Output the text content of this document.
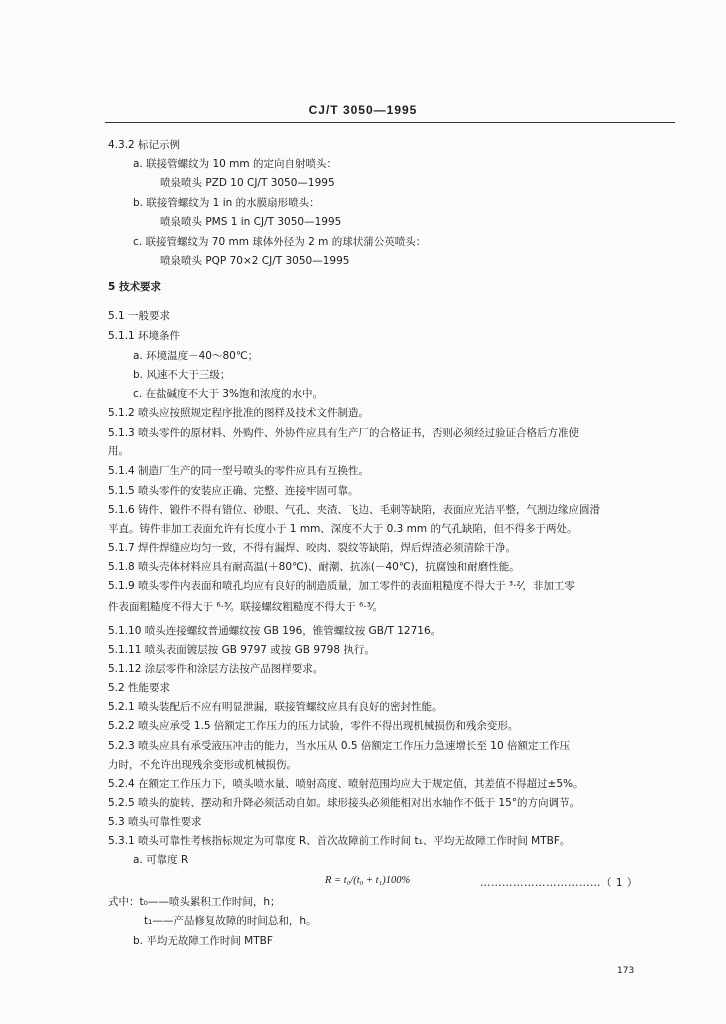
CJ/T 3050—1995
4.3.2 标记示例
a. 联接管螺纹为 10 mm 的定向自射喷头：
喷泉喷头 PZD 10 CJ/T 3050—1995
b. 联接管螺纹为 1 in 的水膜扇形喷头：
喷泉喷头 PMS 1 in CJ/T 3050—1995
c. 联接管螺纹为 70 mm 球体外径为 2 m 的球状蒲公英喷头：
喷泉喷头 PQP 70×2 CJ/T 3050—1995
5 技术要求
5.1 一般要求
5.1.1 环境条件
a. 环境温度－40～80℃；
b. 风速不大于三级；
c. 在盐碱度不大于 3%饱和浓度的水中。
5.1.2 喷头应按照规定程序批准的图样及技术文件制造。
5.1.3 喷头零件的原材料、外购件、外协件应具有生产厂的合格证书，否则必须经过验证合格后方准使
用。
5.1.4 制造厂生产的同一型号喷头的零件应具有互换性。
5.1.5 喷头零件的安装应正确、完整、连接牢固可靠。
5.1.6 铸件、锻件不得有错位、砂眼、气孔、夹渣、飞边、毛刺等缺陷，表面应光洁平整，气割边缘应圆滑
平直。铸件非加工表面允许有长度小于 1 mm、深度不大于 0.3 mm 的气孔缺陷，但不得多于两处。
5.1.7 焊件焊缝应均匀一致，不得有漏焊、咬肉、裂纹等缺陷，焊后焊渣必须清除干净。
5.1.8 喷头壳体材料应具有耐高温(＋80℃)、耐潮、抗冻(－40℃)，抗腐蚀和耐磨性能。
5.1.9 喷头零件内表面和喷孔均应有良好的制造质量，加工零件的表面粗糙度不得大于 ³·²⁄，非加工零
件表面粗糙度不得大于 ⁶·³⁄。联接螺纹粗糙度不得大于 ⁶·³⁄。
5.1.10 喷头连接螺纹普通螺纹按 GB 196，锥管螺纹按 GB/T 12716。
5.1.11 喷头表面镀层按 GB 9797 或按 GB 9798 执行。
5.1.12 涂层零件和涂层方法按产品图样要求。
5.2 性能要求
5.2.1 喷头装配后不应有明显泄漏，联接管螺纹应具有良好的密封性能。
5.2.2 喷头应承受 1.5 倍额定工作压力的压力试验，零件不得出现机械损伤和残余变形。
5.2.3 喷头应具有承受液压冲击的能力，当水压从 0.5 倍额定工作压力急速增长至 10 倍额定工作压
力时，不允许出现残余变形或机械损伤。
5.2.4 在额定工作压力下，喷头喷水量、喷射高度、喷射范围均应大于规定值，其差值不得超过±5%。
5.2.5 喷头的旋转、摆动和升降必须活动自如。球形接头必须能相对出水轴作不低于 15°的方向调节。
5.3 喷头可靠性要求
5.3.1 喷头可靠性考核指标规定为可靠度 R、首次故障前工作时间 t₁、平均无故障工作时间 MTBF。
a. 可靠度 R
R = t₀/(t₀ + t₁)100%	……………………………（ 1 ）
式中：t₀——喷头累积工作时间，h；
t₁——产品修复故障的时间总和，h。
b. 平均无故障工作时间 MTBF
173
